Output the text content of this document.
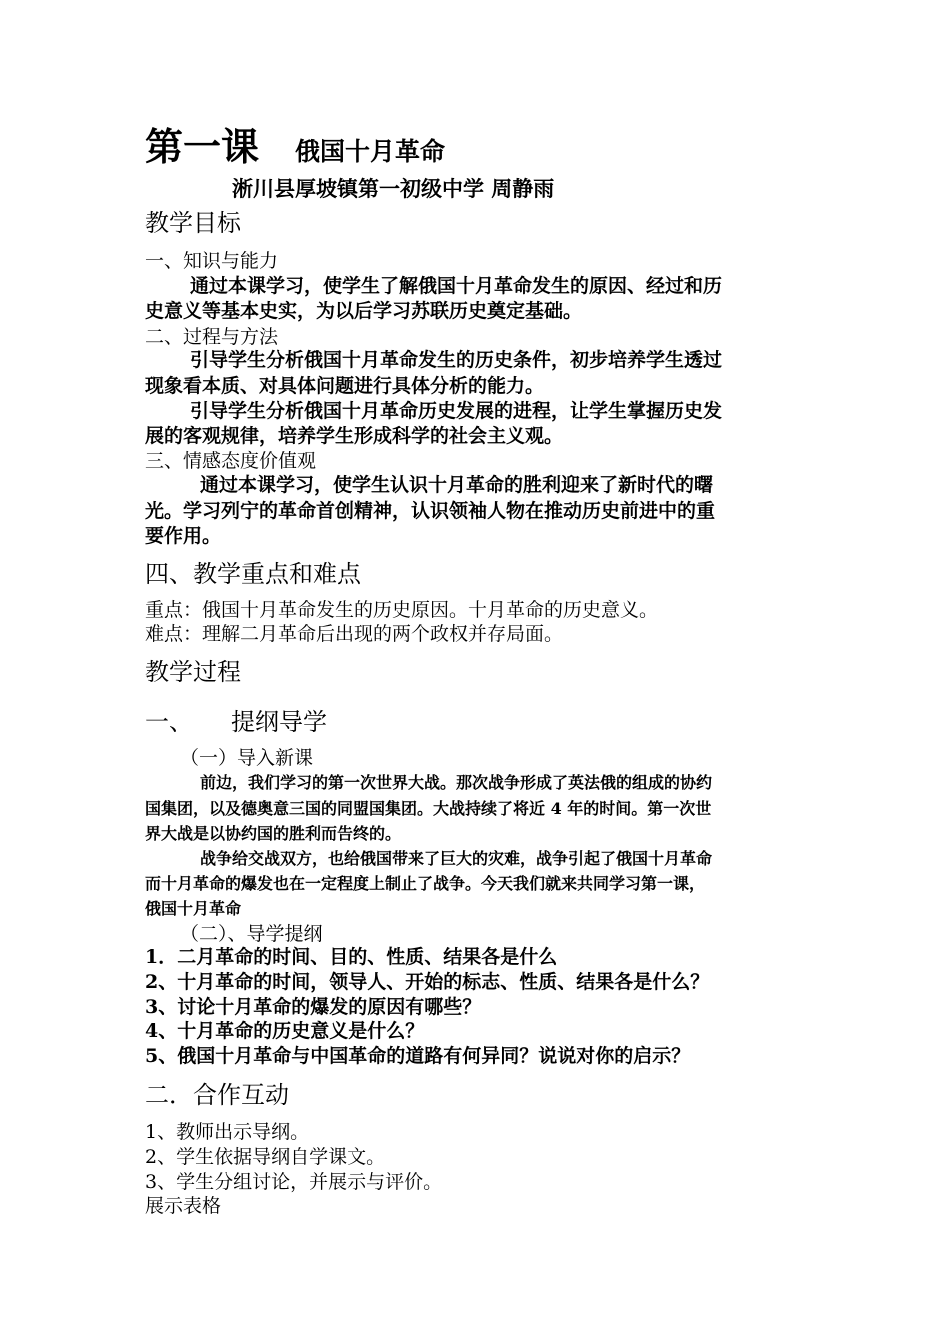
第一课 俄国十月革命
淅川县厚坡镇第一初级中学 周静雨
教学目标
一、知识与能力
通过本课学习，使学生了解俄国十月革命发生的原因、经过和历
史意义等基本史实，为以后学习苏联历史奠定基础。
二、过程与方法
引导学生分析俄国十月革命发生的历史条件，初步培养学生透过
现象看本质、对具体问题进行具体分析的能力。
引导学生分析俄国十月革命历史发展的进程，让学生掌握历史发
展的客观规律，培养学生形成科学的社会主义观。
三、情感态度价值观
通过本课学习，使学生认识十月革命的胜利迎来了新时代的曙
光。学习列宁的革命首创精神，认识领袖人物在推动历史前进中的重
要作用。
四、教学重点和难点
重点：俄国十月革命发生的历史原因。十月革命的历史意义。
难点：理解二月革命后出现的两个政权并存局面。
教学过程
一、 提纲导学
（一）导入新课
前边，我们学习的第一次世界大战。那次战争形成了英法俄的组成的协约
国集团，以及德奥意三国的同盟国集团。大战持续了将近 4 年的时间。第一次世
界大战是以协约国的胜利而告终的。
战争给交战双方，也给俄国带来了巨大的灾难，战争引起了俄国十月革命
而十月革命的爆发也在一定程度上制止了战争。今天我们就来共同学习第一课，
俄国十月革命
（二）、导学提纲
1．二月革命的时间、目的、性质、结果各是什么
2、十月革命的时间，领导人、开始的标志、性质、结果各是什么？
3、讨论十月革命的爆发的原因有哪些？
4、十月革命的历史意义是什么？
5、俄国十月革命与中国革命的道路有何异同？说说对你的启示？
二．合作互动
1、教师出示导纲。
2、学生依据导纲自学课文。
3、学生分组讨论，并展示与评价。
展示表格
